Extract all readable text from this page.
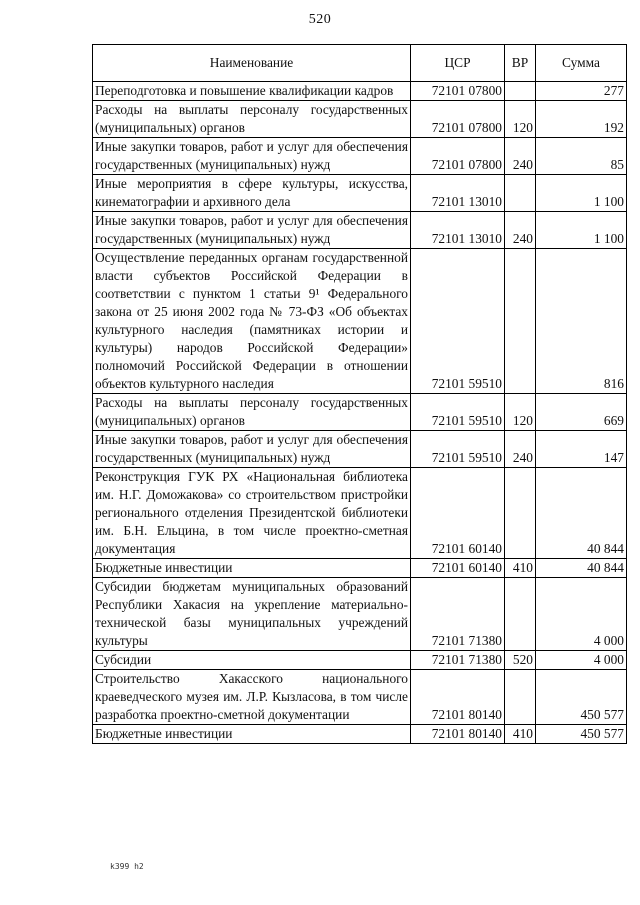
520
Наименование	ЦСР	ВР	Сумма
Переподготовка и повышение квалификации кадров	72101 07800		277
Расходы на выплаты персоналу государственных (муниципальных) органов	72101 07800	120	192
Иные закупки товаров, работ и услуг для обеспечения государственных (муниципальных) нужд	72101 07800	240	85
Иные мероприятия в сфере культуры, искусства, кинематографии и архивного дела	72101 13010		1 100
Иные закупки товаров, работ и услуг для обеспечения государственных (муниципальных) нужд	72101 13010	240	1 100
Осуществление переданных органам государственной власти субъектов Российской Федерации в соответствии с пунктом 1 статьи 9¹ Федерального закона от 25 июня 2002 года № 73-ФЗ «Об объектах культурного наследия (памятниках истории и культуры) народов Российской Федерации» полномочий Российской Федерации в отношении объектов культурного наследия	72101 59510		816
Расходы на выплаты персоналу государственных (муниципальных) органов	72101 59510	120	669
Иные закупки товаров, работ и услуг для обеспечения государственных (муниципальных) нужд	72101 59510	240	147
Реконструкция ГУК РХ «Национальная библиотека им. Н.Г. Доможакова» со строительством пристройки регионального отделения Президентской библиотеки им. Б.Н. Ельцина, в том числе проектно-сметная документация	72101 60140		40 844
Бюджетные инвестиции	72101 60140	410	40 844
Субсидии бюджетам муниципальных образований Республики Хакасия на укрепление материально-технической базы муниципальных учреждений культуры	72101 71380		4 000
Субсидии	72101 71380	520	4 000
Строительство Хакасского национального краеведческого музея им. Л.Р. Кызласова, в том числе разработка проектно-сметной документации	72101 80140		450 577
Бюджетные инвестиции	72101 80140	410	450 577
k399 h2
